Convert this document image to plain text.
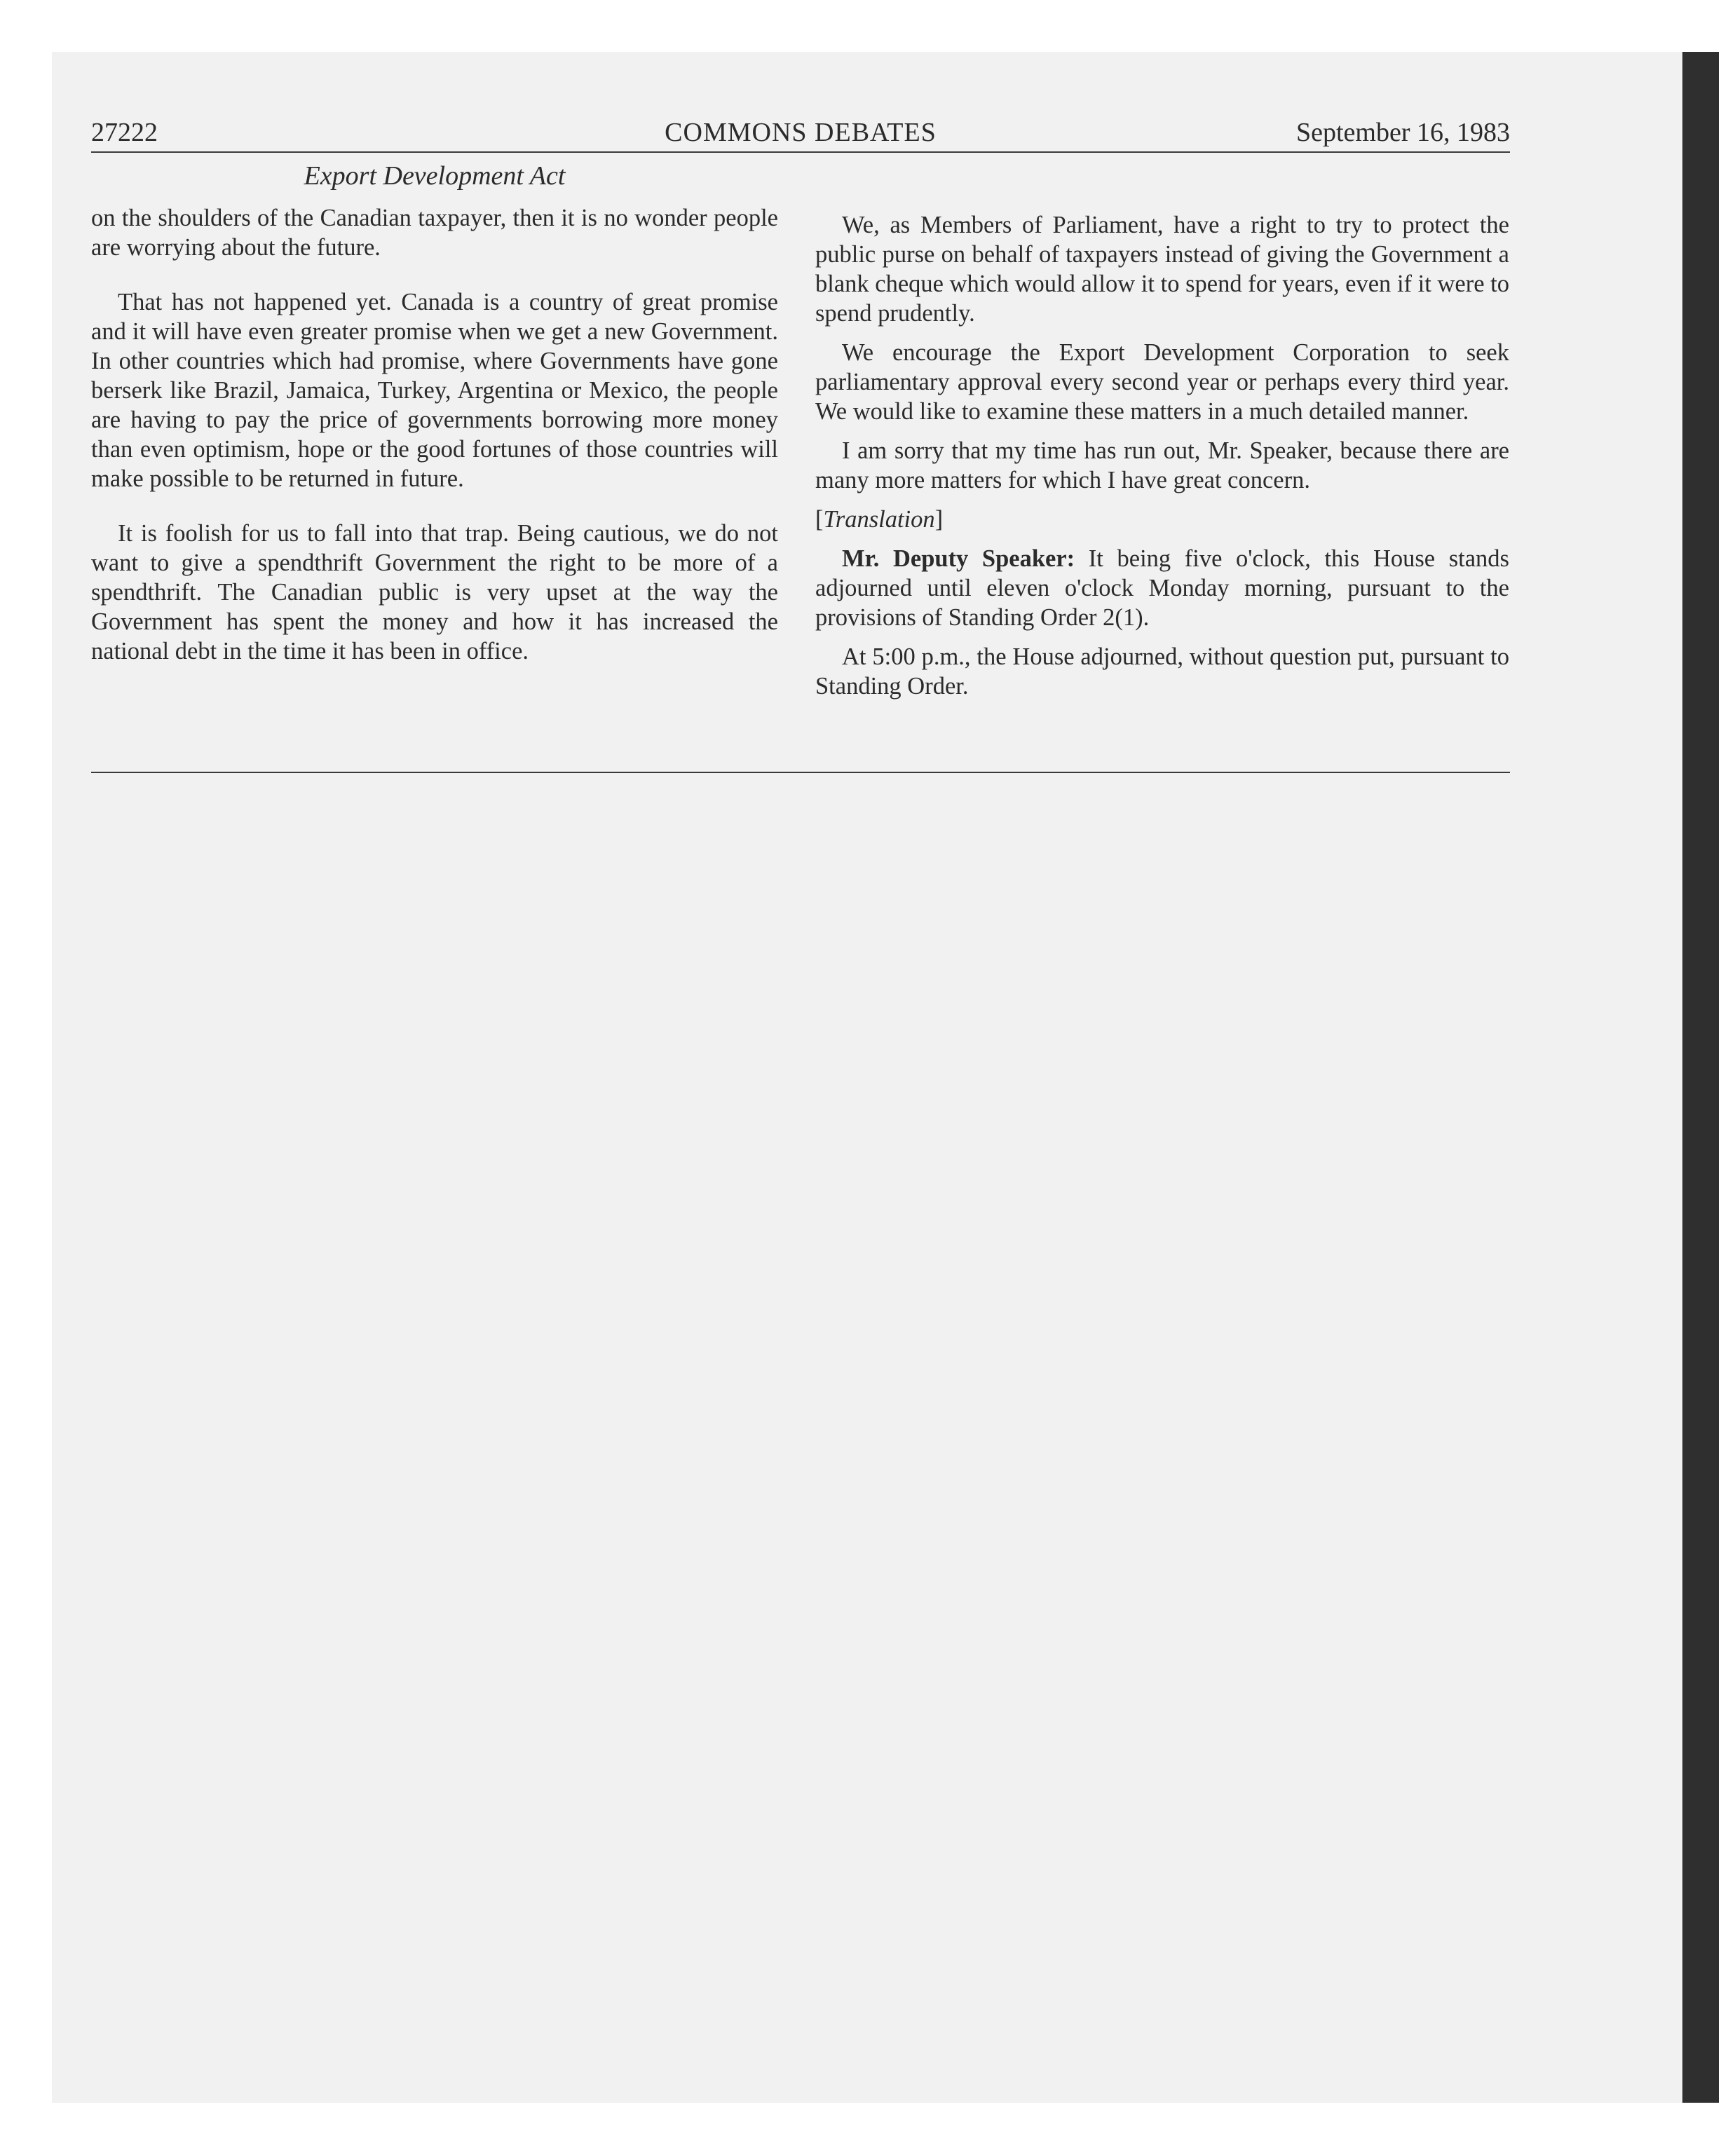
27222	COMMONS DEBATES	September 16, 1983
Export Development Act

on the shoulders of the Canadian taxpayer, then it is no wonder people are worrying about the future.

That has not happened yet. Canada is a country of great promise and it will have even greater promise when we get a new Government. In other countries which had promise, where Governments have gone berserk like Brazil, Jamaica, Turkey, Argentina or Mexico, the people are having to pay the price of governments borrowing more money than even optimism, hope or the good fortunes of those countries will make possible to be returned in future.

It is foolish for us to fall into that trap. Being cautious, we do not want to give a spendthrift Government the right to be more of a spendthrift. The Canadian public is very upset at the way the Government has spent the money and how it has increased the national debt in the time it has been in office.

We, as Members of Parliament, have a right to try to protect the public purse on behalf of taxpayers instead of giving the Government a blank cheque which would allow it to spend for years, even if it were to spend prudently.

We encourage the Export Development Corporation to seek parliamentary approval every second year or perhaps every third year. We would like to examine these matters in a much detailed manner.

I am sorry that my time has run out, Mr. Speaker, because there are many more matters for which I have great concern.

[Translation]

Mr. Deputy Speaker: It being five o'clock, this House stands adjourned until eleven o'clock Monday morning, pursuant to the provisions of Standing Order 2(1).

At 5:00 p.m., the House adjourned, without question put, pursuant to Standing Order.
